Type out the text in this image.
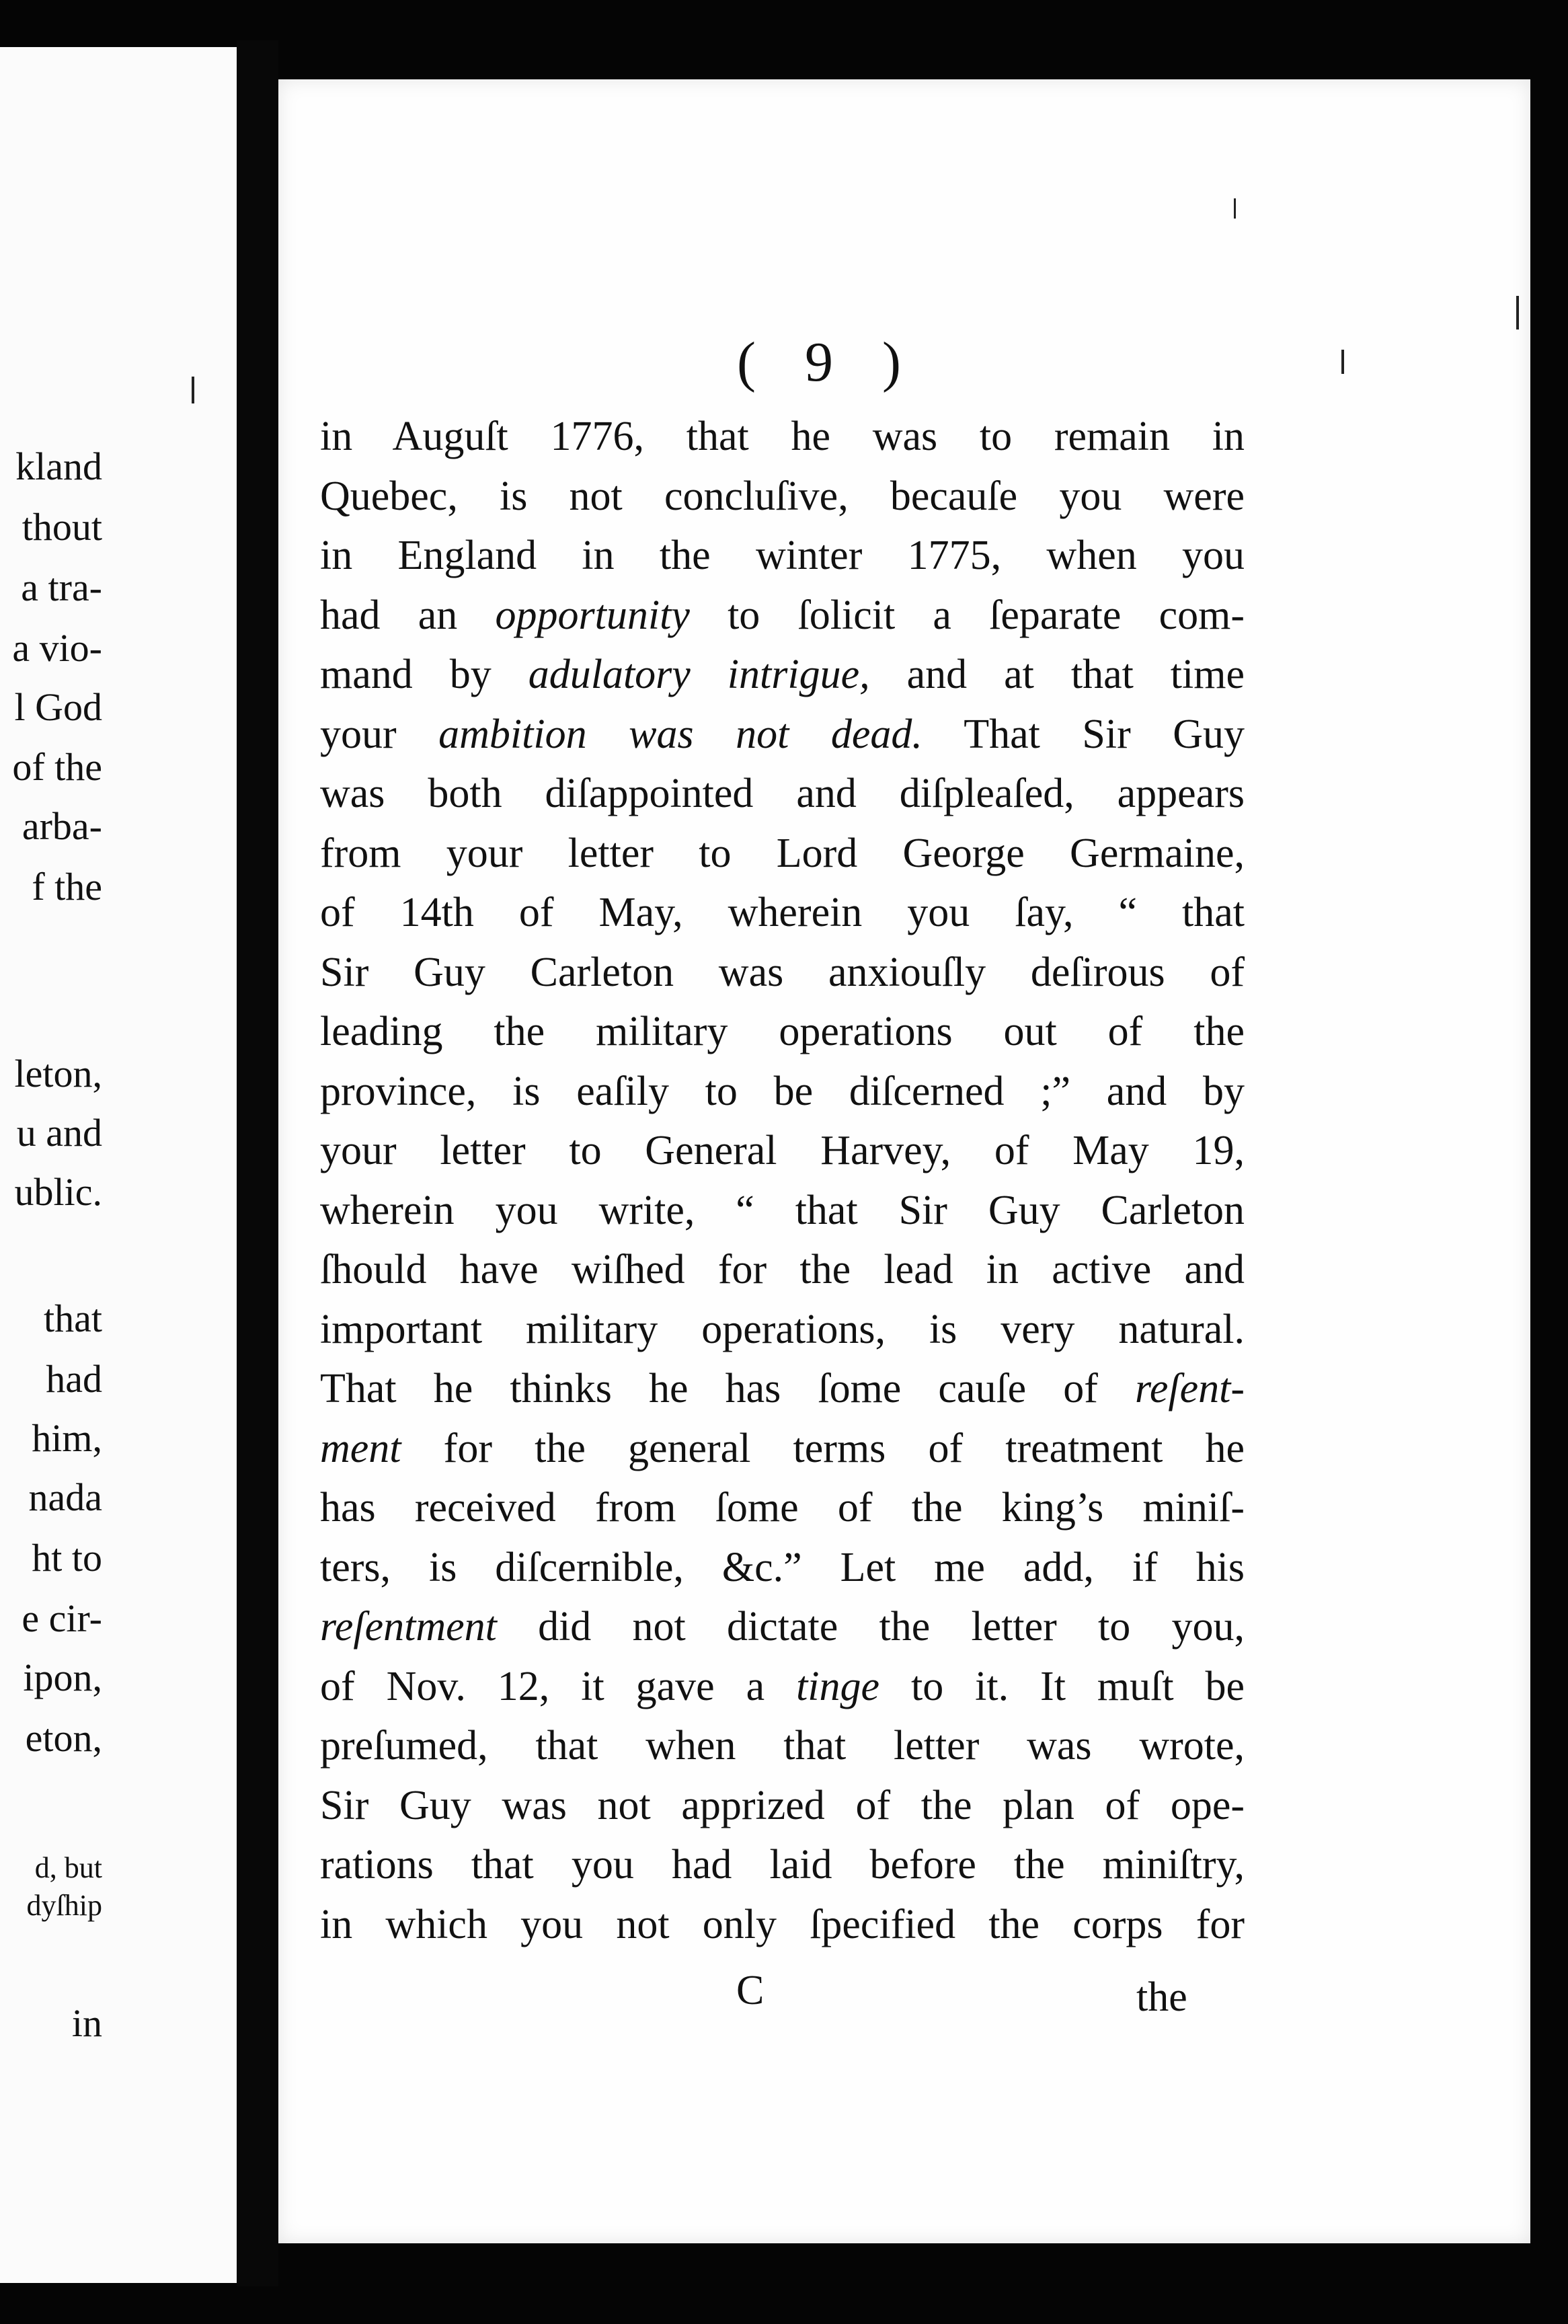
kland
thout
a tra-
a vio-
l God
of the
arba-
f the
leton,
u and
ublic.
that
had
him,
nada
ht to
e cir-
ipon,
eton,
d, but
dyſhip
in
( 9 )
in Auguſt 1776, that he was to remain in
Quebec, is not concluſive, becauſe you were
in England in the winter 1775, when you
had an opportunity to ſolicit a ſeparate com-
mand by adulatory intrigue, and at that time
your ambition was not dead. That Sir Guy
was both diſappointed and diſpleaſed, appears
from your letter to Lord George Germaine,
of 14th of May, wherein you ſay, “ that
Sir Guy Carleton was anxiouſly deſirous of
leading the military operations out of the
province, is eaſily to be diſcerned ;” and by
your letter to General Harvey, of May 19,
wherein you write, “ that Sir Guy Carleton
ſhould have wiſhed for the lead in active and
important military operations, is very natural.
That he thinks he has ſome cauſe of reſent-
ment for the general terms of treatment he
has received from ſome of the king’s miniſ-
ters, is diſcernible, &c.” Let me add, if his
reſentment did not dictate the letter to you,
of Nov. 12, it gave a tinge to it. It muſt be
preſumed, that when that letter was wrote,
Sir Guy was not apprized of the plan of ope-
rations that you had laid before the miniſtry,
in which you not only ſpecified the corps for
C	the
